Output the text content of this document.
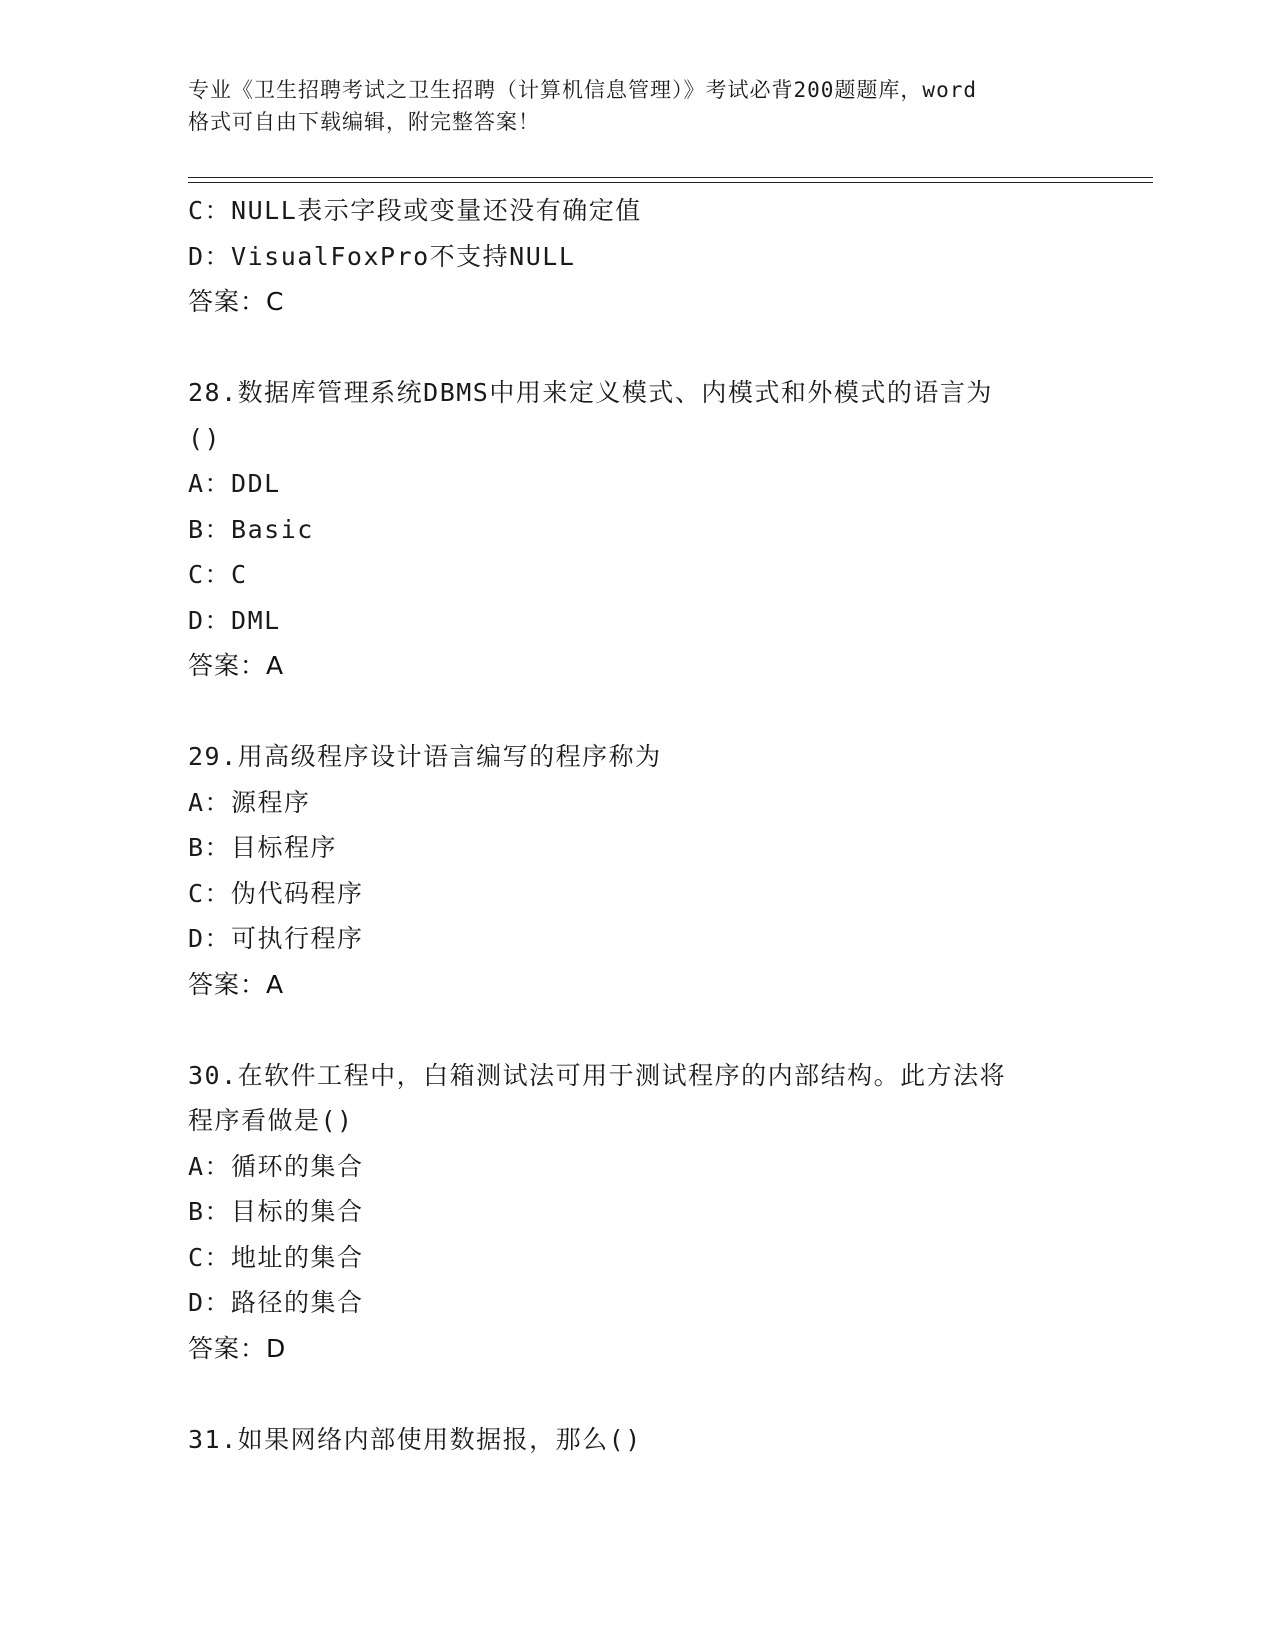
专业《卫生招聘考试之卫生招聘（计算机信息管理）》考试必背200题题库，word
格式可自由下载编辑，附完整答案！
C：NULL表示字段或变量还没有确定值
D：VisualFoxPro不支持NULL
答案：C
28.数据库管理系统DBMS中用来定义模式、内模式和外模式的语言为
()
A：DDL
B：Basic
C：C
D：DML
答案：A
29.用高级程序设计语言编写的程序称为
A：源程序
B：目标程序
C：伪代码程序
D：可执行程序
答案：A
30.在软件工程中，白箱测试法可用于测试程序的内部结构。此方法将
程序看做是()
A：循环的集合
B：目标的集合
C：地址的集合
D：路径的集合
答案：D
31.如果网络内部使用数据报，那么()
